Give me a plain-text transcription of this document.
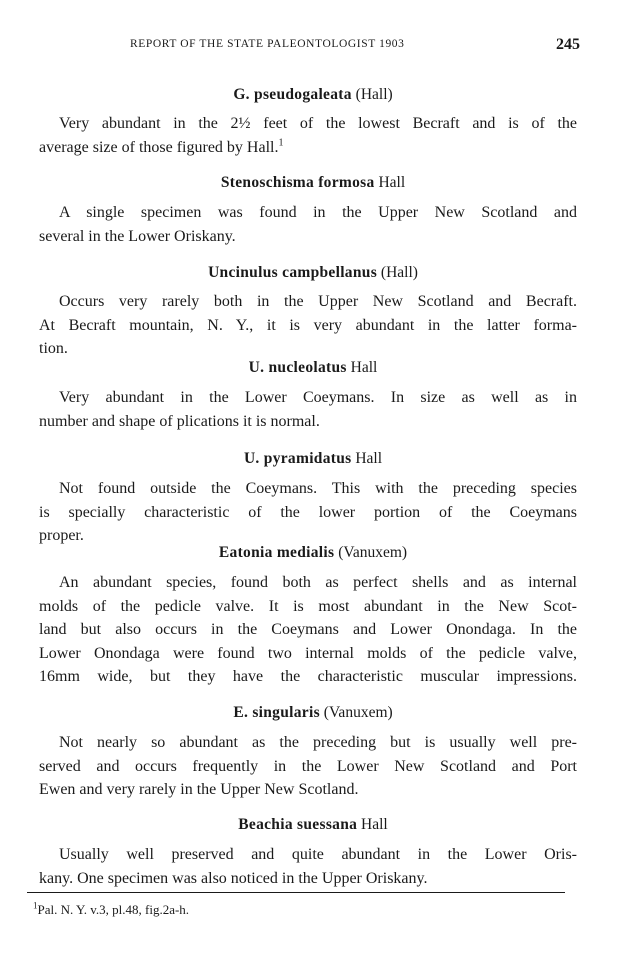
REPORT OF THE STATE PALEONTOLOGIST 1903	245
G. pseudogaleata (Hall)
Very abundant in the 2½ feet of the lowest Becraft and is of the
average size of those figured by Hall.$^1$
Stenoschisma formosa Hall
A single specimen was found in the Upper New Scotland and
several in the Lower Oriskany.
Uncinulus campbellanus (Hall)
Occurs very rarely both in the Upper New Scotland and Becraft.
At Becraft mountain, N. Y., it is very abundant in the latter forma-
tion.
U. nucleolatus Hall
Very abundant in the Lower Coeymans. In size as well as in
number and shape of plications it is normal.
U. pyramidatus Hall
Not found outside the Coeymans. This with the preceding species
is specially characteristic of the lower portion of the Coeymans
proper.
Eatonia medialis (Vanuxem)
An abundant species, found both as perfect shells and as internal
molds of the pedicle valve. It is most abundant in the New Scot-
land but also occurs in the Coeymans and Lower Onondaga. In the
Lower Onondaga were found two internal molds of the pedicle valve,
16mm wide, but they have the characteristic muscular impressions.
E. singularis (Vanuxem)
Not nearly so abundant as the preceding but is usually well pre-
served and occurs frequently in the Lower New Scotland and Port
Ewen and very rarely in the Upper New Scotland.
Beachia suessana Hall
Usually well preserved and quite abundant in the Lower Oris-
kany. One specimen was also noticed in the Upper Oriskany.
$^1$Pal. N. Y. v.3, pl.48, fig.2a-h.
